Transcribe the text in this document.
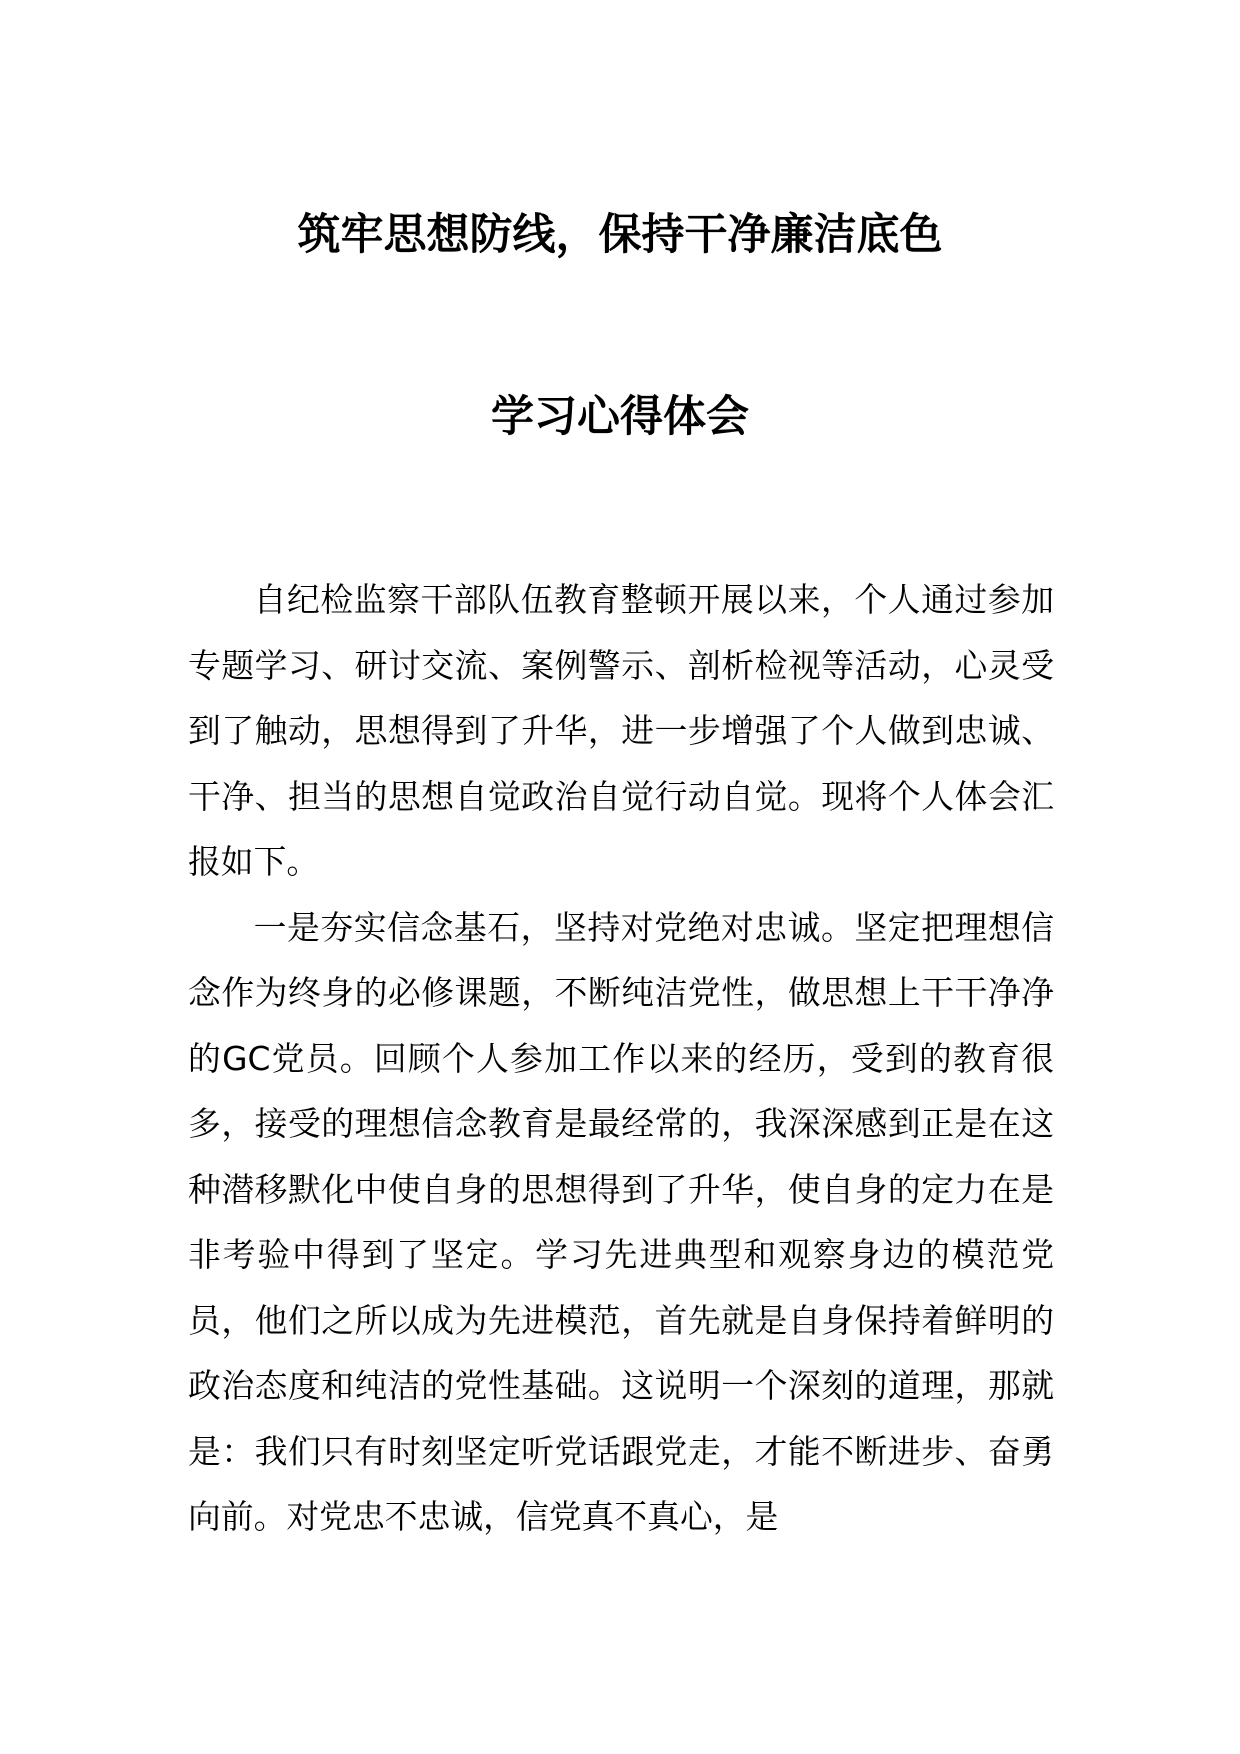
筑牢思想防线，保持干净廉洁底色
学习心得体会

自纪检监察干部队伍教育整顿开展以来，个人通过参加专题学习、研讨交流、案例警示、剖析检视等活动，心灵受到了触动，思想得到了升华，进一步增强了个人做到忠诚、干净、担当的思想自觉政治自觉行动自觉。现将个人体会汇报如下。

一是夯实信念基石，坚持对党绝对忠诚。坚定把理想信念作为终身的必修课题，不断纯洁党性，做思想上干干净净的GC党员。回顾个人参加工作以来的经历，受到的教育很多，接受的理想信念教育是最经常的，我深深感到正是在这种潜移默化中使自身的思想得到了升华，使自身的定力在是非考验中得到了坚定。学习先进典型和观察身边的模范党员，他们之所以成为先进模范，首先就是自身保持着鲜明的政治态度和纯洁的党性基础。这说明一个深刻的道理，那就是：我们只有时刻坚定听党话跟党走，才能不断进步、奋勇向前。对党忠不忠诚，信党真不真心，是
